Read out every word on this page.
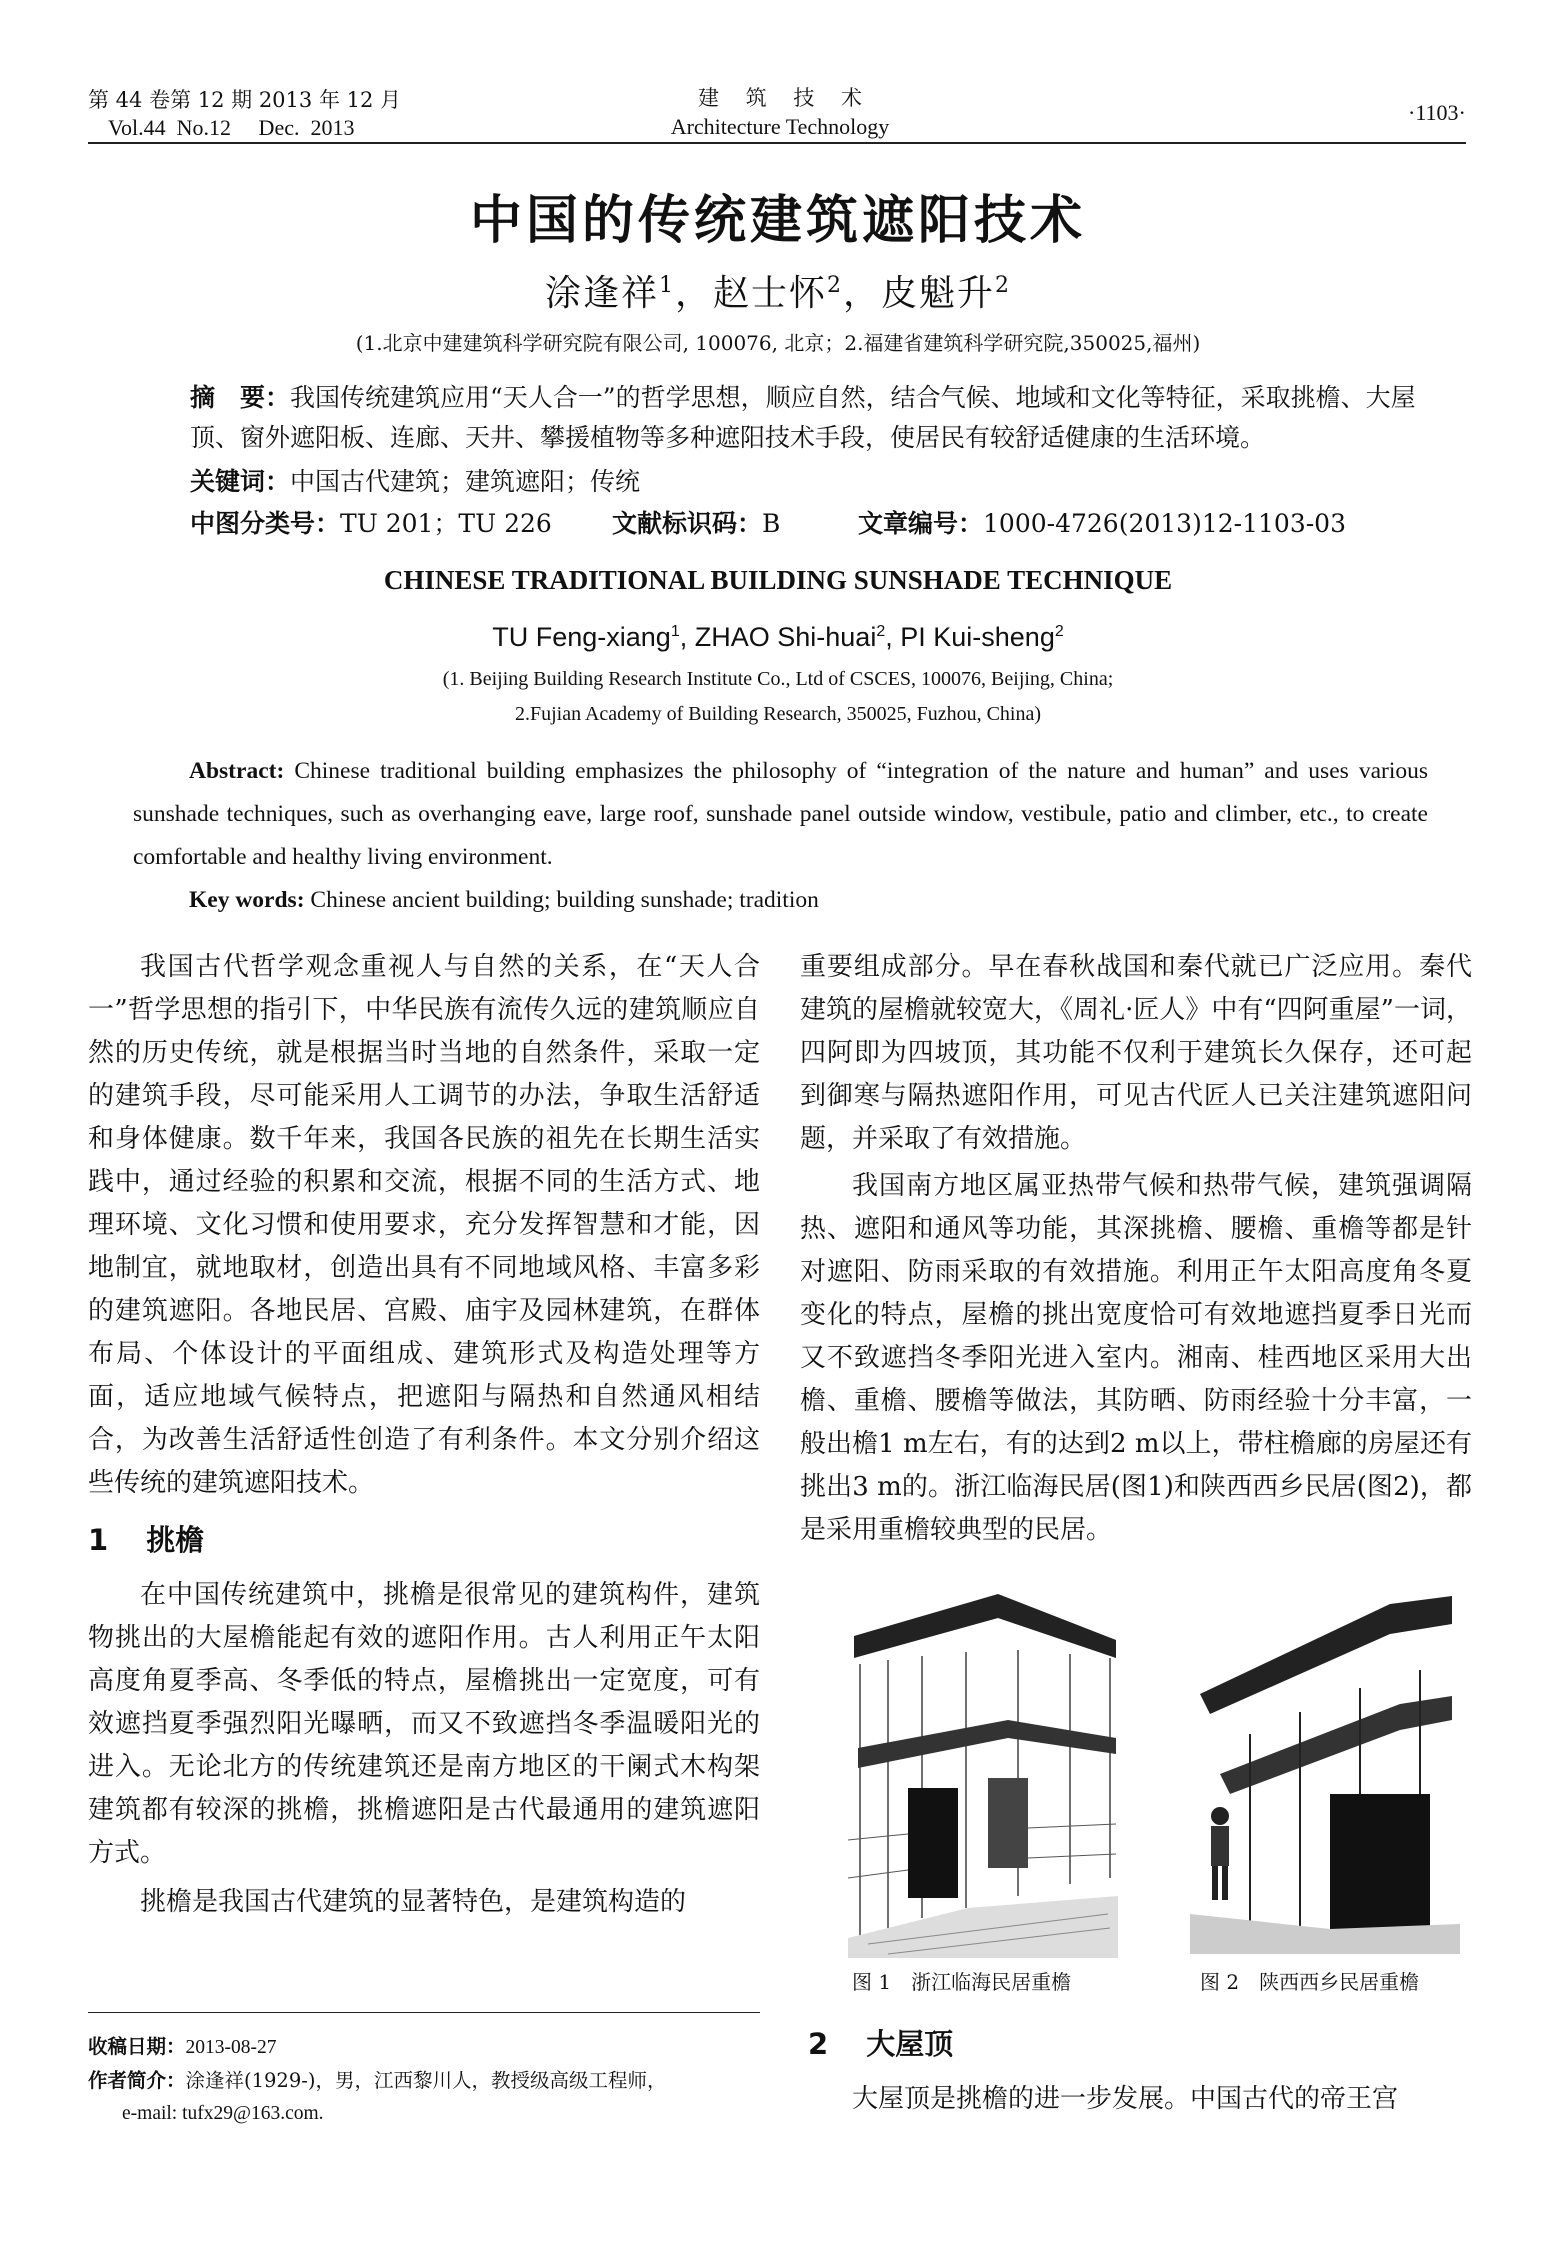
第 44 卷第 12 期 2013 年 12 月
Vol.44  No.12     Dec.  2013
建    筑    技    术
Architecture Technology
·1103·
中国的传统建筑遮阳技术
涂逢祥$^1$，赵士怀$^2$，皮魁升$^2$
(1.北京中建建筑科学研究院有限公司, 100076, 北京；2.福建省建筑科学研究院,350025,福州)
摘　要：我国传统建筑应用“天人合一”的哲学思想，顺应自然，结合气候、地域和文化等特征，采取挑檐、大屋顶、窗外遮阳板、连廊、天井、攀援植物等多种遮阳技术手段，使居民有较舒适健康的生活环境。
关键词：中国古代建筑；建筑遮阳；传统
中图分类号：TU 201；TU 226	文献标识码：B	文章编号：1000-4726(2013)12-1103-03
CHINESE TRADITIONAL BUILDING SUNSHADE TECHNIQUE
TU Feng-xiang$^1$, ZHAO Shi-huai$^2$, PI Kui-sheng$^2$
(1. Beijing Building Research Institute Co., Ltd of CSCES, 100076, Beijing, China;
2.Fujian Academy of Building Research, 350025, Fuzhou, China)
Abstract: Chinese traditional building emphasizes the philosophy of “integration of the nature and human” and uses various sunshade techniques, such as overhanging eave, large roof, sunshade panel outside window, vestibule, patio and climber, etc., to create comfortable and healthy living environment.
Key words: Chinese ancient building; building sunshade; tradition

我国古代哲学观念重视人与自然的关系，在“天人合一”哲学思想的指引下，中华民族有流传久远的建筑顺应自然的历史传统，就是根据当时当地的自然条件，采取一定的建筑手段，尽可能采用人工调节的办法，争取生活舒适和身体健康。数千年来，我国各民族的祖先在长期生活实践中，通过经验的积累和交流，根据不同的生活方式、地理环境、文化习惯和使用要求，充分发挥智慧和才能，因地制宜，就地取材，创造出具有不同地域风格、丰富多彩的建筑遮阳。各地民居、宫殿、庙宇及园林建筑，在群体布局、个体设计的平面组成、建筑形式及构造处理等方面，适应地域气候特点，把遮阳与隔热和自然通风相结合，为改善生活舒适性创造了有利条件。本文分别介绍这些传统的建筑遮阳技术。

1 挑檐

在中国传统建筑中，挑檐是很常见的建筑构件，建筑物挑出的大屋檐能起有效的遮阳作用。古人利用正午太阳高度角夏季高、冬季低的特点，屋檐挑出一定宽度，可有效遮挡夏季强烈阳光曝晒，而又不致遮挡冬季温暖阳光的进入。无论北方的传统建筑还是南方地区的干阑式木构架建筑都有较深的挑檐，挑檐遮阳是古代最通用的建筑遮阳方式。

挑檐是我国古代建筑的显著特色，是建筑构造的

收稿日期：2013-08-27
作者简介：涂逢祥(1929-)，男，江西黎川人，教授级高级工程师，
e-mail: tufx29@163.com.

重要组成部分。早在春秋战国和秦代就已广泛应用。秦代建筑的屋檐就较宽大，《周礼·匠人》中有“四阿重屋”一词，四阿即为四坡顶，其功能不仅利于建筑长久保存，还可起到御寒与隔热遮阳作用，可见古代匠人已关注建筑遮阳问题，并采取了有效措施。

我国南方地区属亚热带气候和热带气候，建筑强调隔热、遮阳和通风等功能，其深挑檐、腰檐、重檐等都是针对遮阳、防雨采取的有效措施。利用正午太阳高度角冬夏变化的特点，屋檐的挑出宽度恰可有效地遮挡夏季日光而又不致遮挡冬季阳光进入室内。湘南、桂西地区采用大出檐、重檐、腰檐等做法，其防晒、防雨经验十分丰富，一般出檐1 m左右，有的达到2 m以上，带柱檐廊的房屋还有挑出3 m的。浙江临海民居(图1)和陕西西乡民居(图2)，都是采用重檐较典型的民居。

图 1　浙江临海民居重檐	图 2　陕西西乡民居重檐
2 大屋顶

大屋顶是挑檐的进一步发展。中国古代的帝王宫
